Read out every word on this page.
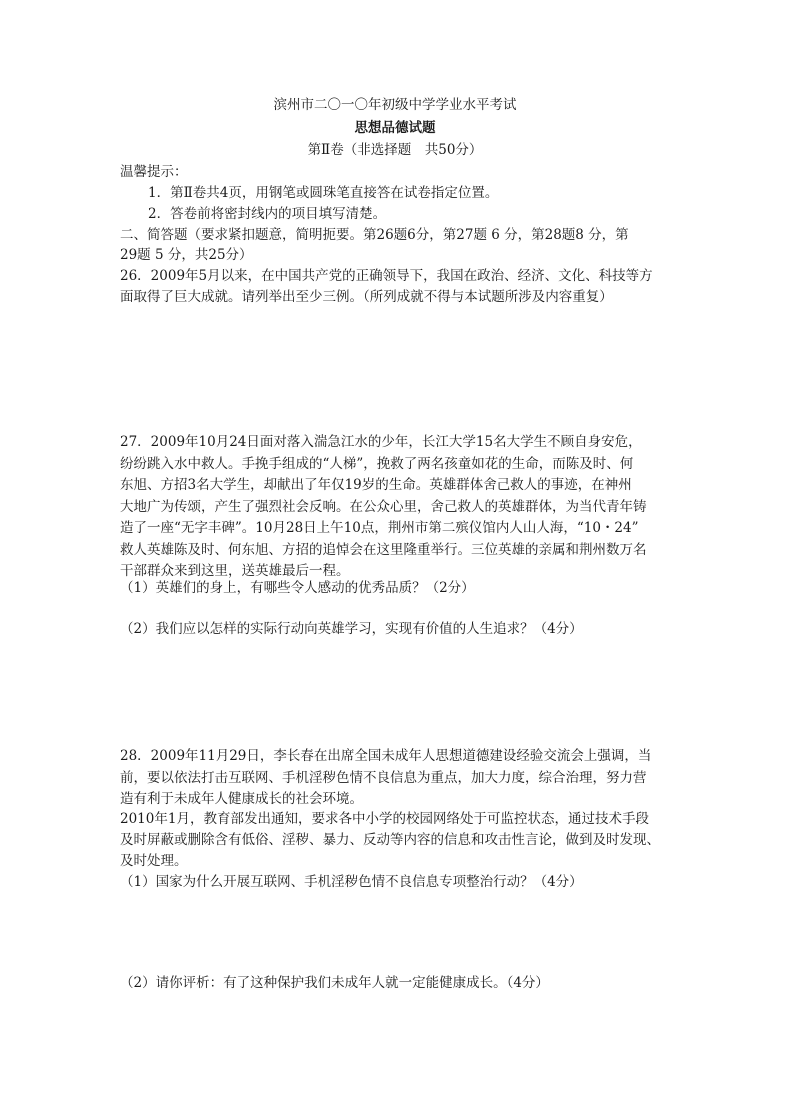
滨州市二〇一〇年初级中学学业水平考试
思想品德试题
第Ⅱ卷（非选择题　共50分）
温馨提示：
1．第Ⅱ卷共4页，用钢笔或圆珠笔直接答在试卷指定位置。
2．答卷前将密封线内的项目填写清楚。
二、简答题（要求紧扣题意，简明扼要。第26题6分，第27题 6 分，第28题8 分，第
29题 5 分，共25分）
26．2009年5月以来，在中国共产党的正确领导下，我国在政治、经济、文化、科技等方
面取得了巨大成就。请列举出至少三例。（所列成就不得与本试题所涉及内容重复）
27．2009年10月24日面对落入湍急江水的少年，长江大学15名大学生不顾自身安危，
纷纷跳入水中救人。手挽手组成的“人梯”，挽救了两名孩童如花的生命，而陈及时、何
东旭、方招3名大学生，却献出了年仅19岁的生命。英雄群体舍己救人的事迹，在神州
大地广为传颂，产生了强烈社会反响。在公众心里，舍己救人的英雄群体，为当代青年铸
造了一座“无字丰碑”。10月28日上午10点，荆州市第二殡仪馆内人山人海，“10・24”
救人英雄陈及时、何东旭、方招的追悼会在这里隆重举行。三位英雄的亲属和荆州数万名
干部群众来到这里，送英雄最后一程。
（1）英雄们的身上，有哪些令人感动的优秀品质？（2分）
（2）我们应以怎样的实际行动向英雄学习，实现有价值的人生追求？（4分）
28．2009年11月29日，李长春在出席全国未成年人思想道德建设经验交流会上强调，当
前，要以依法打击互联网、手机淫秽色情不良信息为重点，加大力度，综合治理，努力营
造有利于未成年人健康成长的社会环境。
2010年1月，教育部发出通知，要求各中小学的校园网络处于可监控状态，通过技术手段
及时屏蔽或删除含有低俗、淫秽、暴力、反动等内容的信息和攻击性言论，做到及时发现、
及时处理。
（1）国家为什么开展互联网、手机淫秽色情不良信息专项整治行动？（4分）
（2）请你评析：有了这种保护我们未成年人就一定能健康成长。（4分）
